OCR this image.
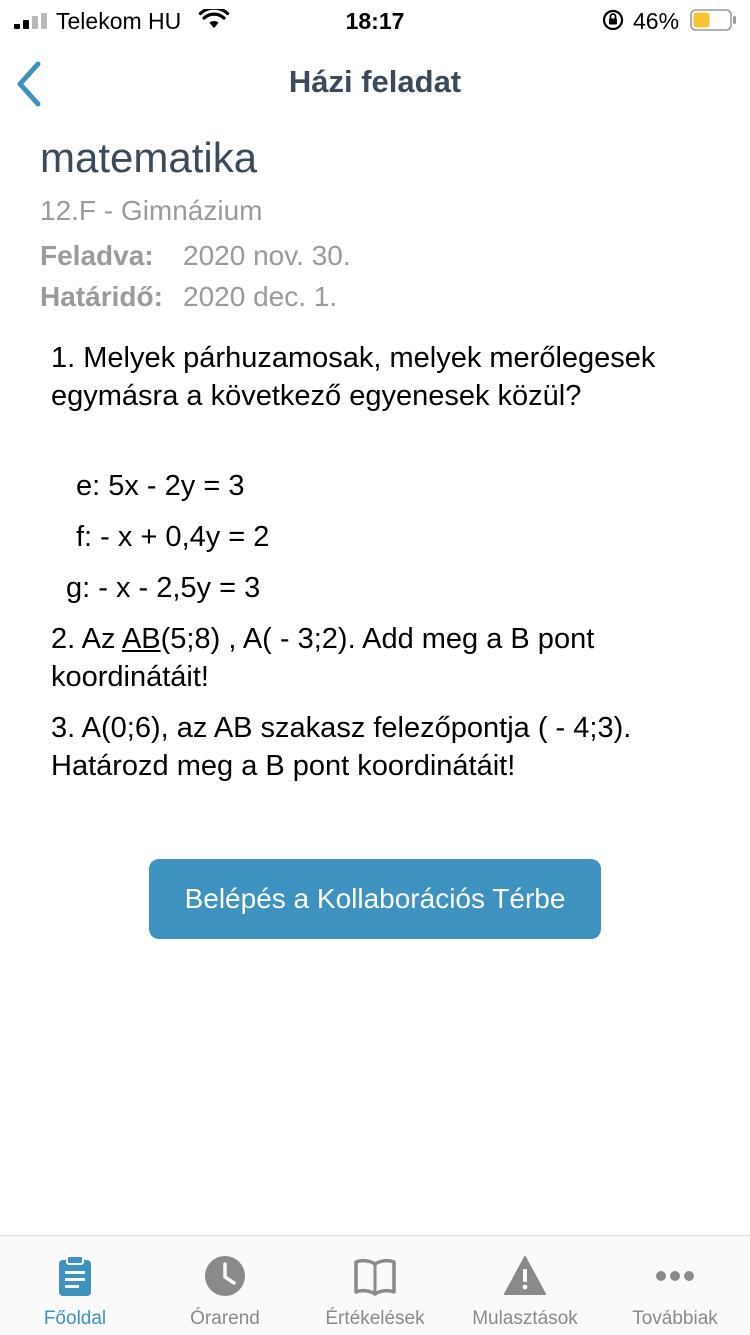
Telekom HU	18:17	46%
Házi feladat
matematika
12.F - Gimnázium
Feladva: 2020 nov. 30.
Határidő: 2020 dec. 1.

1. Melyek párhuzamosak, melyek merőlegesek egymásra a következő egyenesek közül?

e: 5x - 2y = 3

f: - x + 0,4y = 2

g: - x - 2,5y = 3

2. Az AB(5;8) , A( - 3;2). Add meg a B pont koordinátáit!

3. A(0;6), az AB szakasz felezőpontja ( - 4;3). Határozd meg a B pont koordinátáit!

Belépés a Kollaborációs Térbe
Főoldal	Órarend	Értékelések	Mulasztások	Továbbiak
